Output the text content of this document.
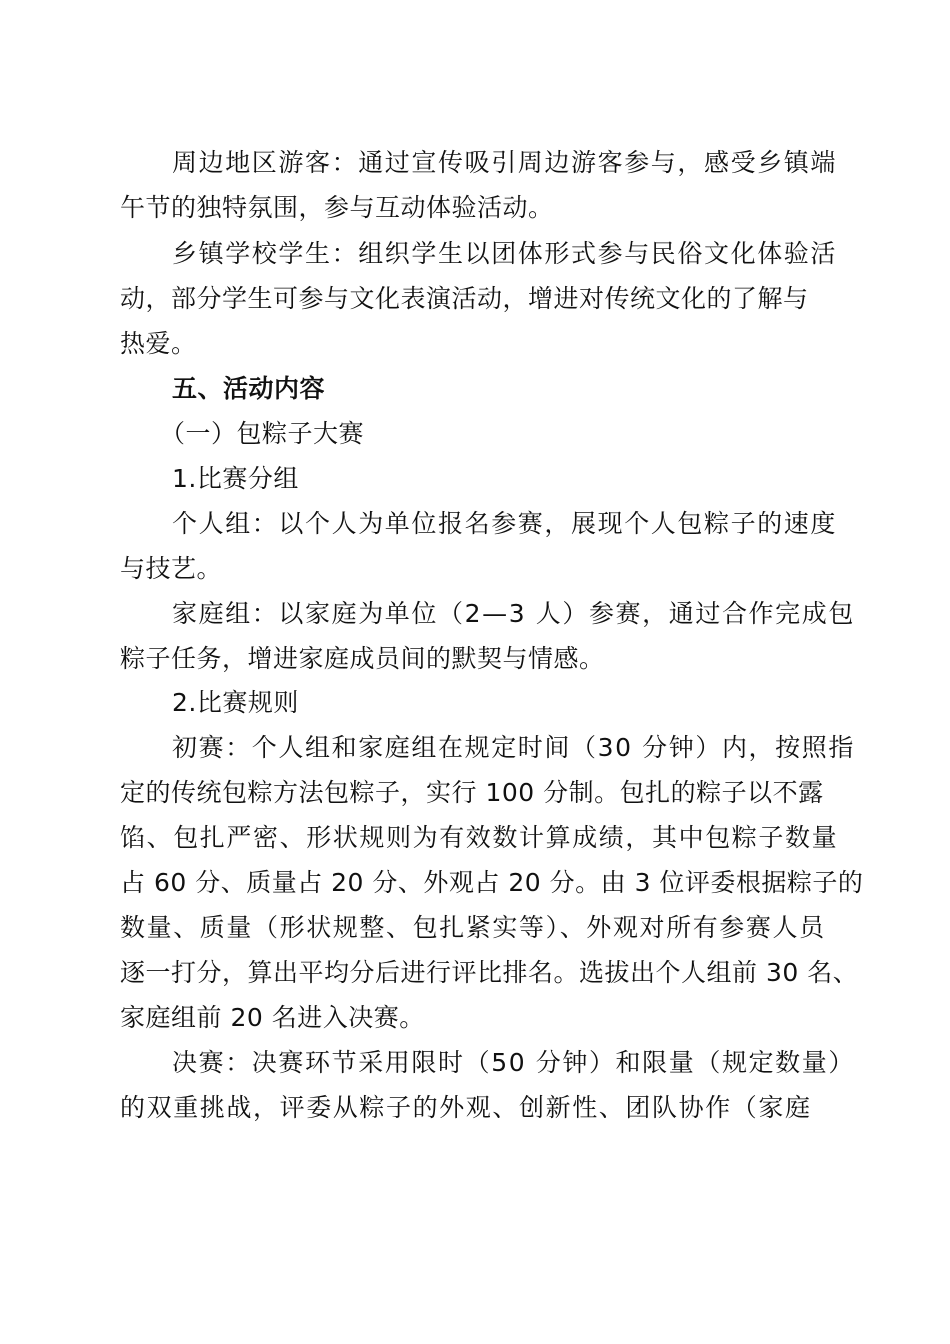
周边地区游客：通过宣传吸引周边游客参与，感受乡镇端
午节的独特氛围，参与互动体验活动。
乡镇学校学生：组织学生以团体形式参与民俗文化体验活
动，部分学生可参与文化表演活动，增进对传统文化的了解与
热爱。
五、活动内容
（一）包粽子大赛
1.比赛分组
个人组：以个人为单位报名参赛，展现个人包粽子的速度
与技艺。
家庭组：以家庭为单位（2—3 人）参赛，通过合作完成包
粽子任务，增进家庭成员间的默契与情感。
2.比赛规则
初赛：个人组和家庭组在规定时间（30 分钟）内，按照指
定的传统包粽方法包粽子，实行 100 分制。包扎的粽子以不露
馅、包扎严密、形状规则为有效数计算成绩，其中包粽子数量
占 60 分、质量占 20 分、外观占 20 分。由 3 位评委根据粽子的
数量、质量（形状规整、包扎紧实等）、外观对所有参赛人员
逐一打分，算出平均分后进行评比排名。选拔出个人组前 30 名、
家庭组前 20 名进入决赛。
决赛：决赛环节采用限时（50 分钟）和限量（规定数量）
的双重挑战，评委从粽子的外观、创新性、团队协作（家庭
